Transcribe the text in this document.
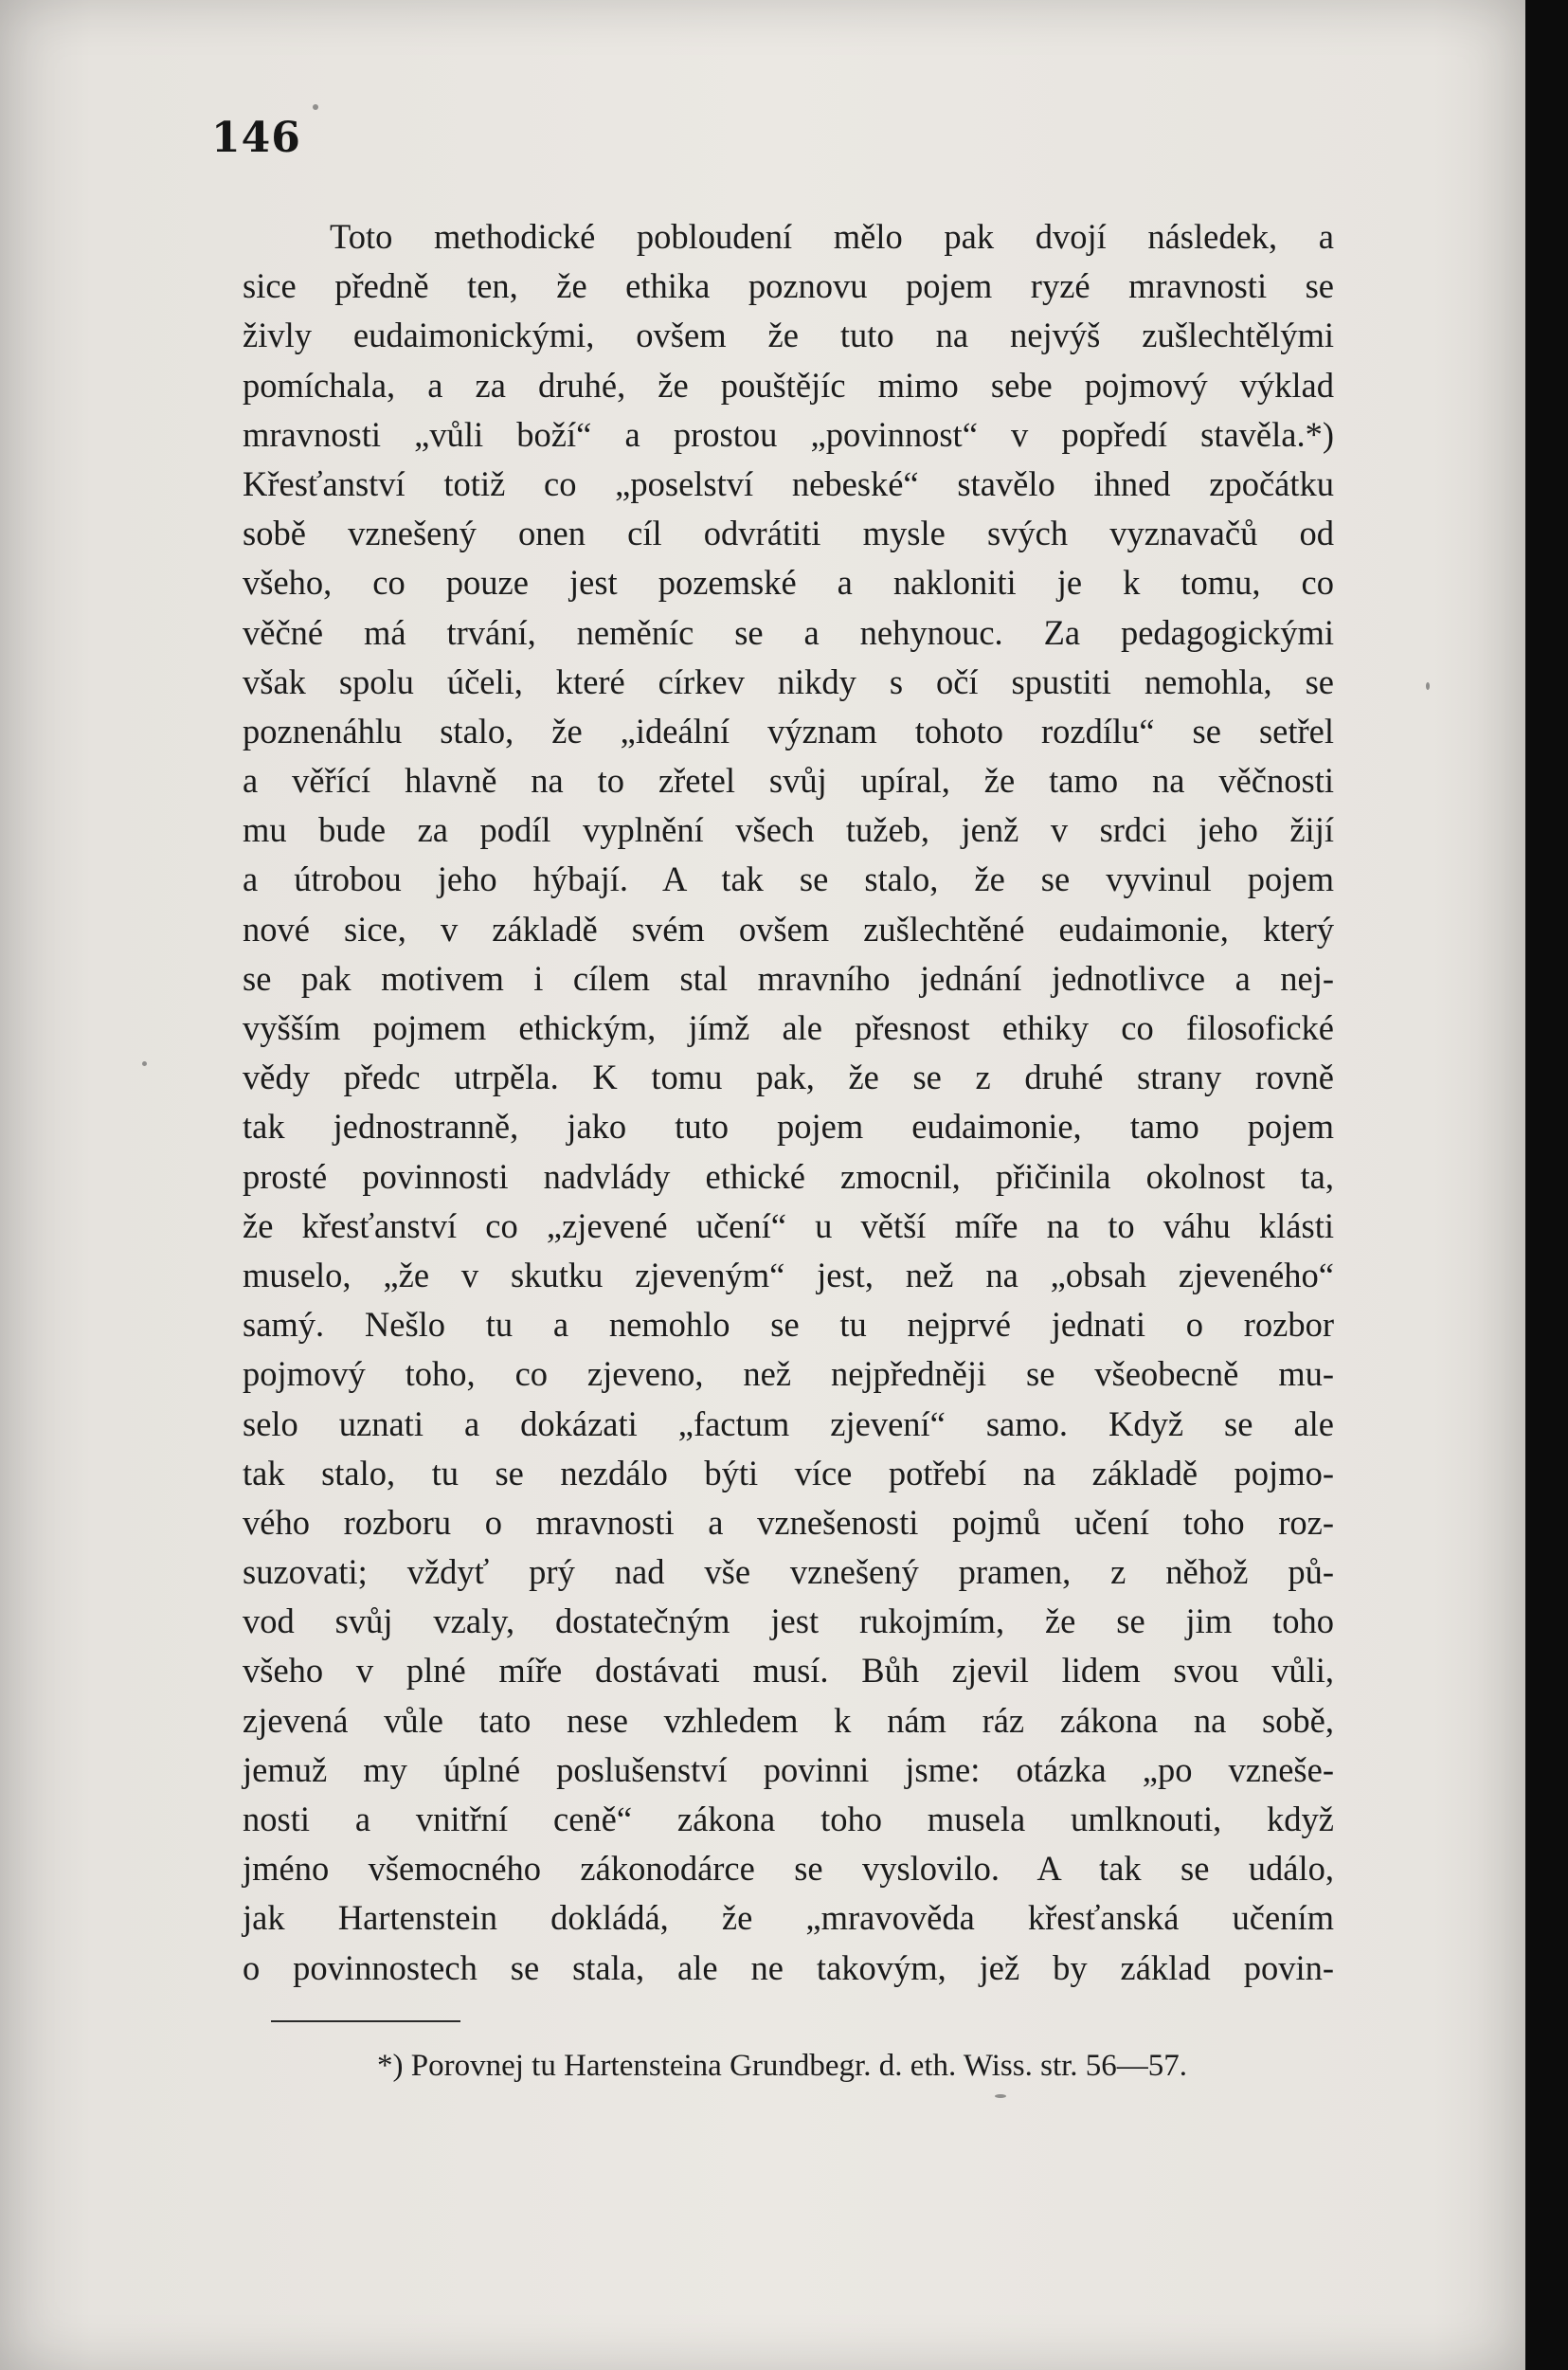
146
Toto methodické pobloudení mělo pak dvojí následek, a
sice předně ten, že ethika poznovu pojem ryzé mravnosti se
živly eudaimonickými, ovšem že tuto na nejvýš zušlechtělými
pomíchala, a za druhé, že pouštějíc mimo sebe pojmový výklad
mravnosti „vůli boží“ a prostou „povinnost“ v popředí stavěla.*)
Křesťanství totiž co „poselství nebeské“ stavělo ihned zpočátku
sobě vznešený onen cíl odvrátiti mysle svých vyznavačů od
všeho, co pouze jest pozemské a nakloniti je k tomu, co
věčné má trvání, neměníc se a nehynouc. Za pedagogickými
však spolu účeli, které církev nikdy s očí spustiti nemohla, se
poznenáhlu stalo, že „ideální význam tohoto rozdílu“ se setřel
a věřící hlavně na to zřetel svůj upíral, že tamo na věčnosti
mu bude za podíl vyplnění všech tužeb, jenž v srdci jeho žijí
a útrobou jeho hýbají. A tak se stalo, že se vyvinul pojem
nové sice, v základě svém ovšem zušlechtěné eudaimonie, který
se pak motivem i cílem stal mravního jednání jednotlivce a nej-
vyšším pojmem ethickým, jímž ale přesnost ethiky co filosofické
vědy předc utrpěla. K tomu pak, že se z druhé strany rovně
tak jednostranně, jako tuto pojem eudaimonie, tamo pojem
prosté povinnosti nadvlády ethické zmocnil, přičinila okolnost ta,
že křesťanství co „zjevené učení“ u větší míře na to váhu klásti
muselo, „že v skutku zjeveným“ jest, než na „obsah zjeveného“
samý. Nešlo tu a nemohlo se tu nejprvé jednati o rozbor
pojmový toho, co zjeveno, než nejpředněji se všeobecně mu-
selo uznati a dokázati „factum zjevení“ samo. Když se ale
tak stalo, tu se nezdálo býti více potřebí na základě pojmo-
vého rozboru o mravnosti a vznešenosti pojmů učení toho roz-
suzovati; vždyť prý nad vše vznešený pramen, z něhož pů-
vod svůj vzaly, dostatečným jest rukojmím, že se jim toho
všeho v plné míře dostávati musí. Bůh zjevil lidem svou vůli,
zjevená vůle tato nese vzhledem k nám ráz zákona na sobě,
jemuž my úplné poslušenství povinni jsme: otázka „po vzneše-
nosti a vnitřní ceně“ zákona toho musela umlknouti, když
jméno všemocného zákonodárce se vyslovilo. A tak se událo,
jak Hartenstein dokládá, že „mravověda křesťanská učením
o povinnostech se stala, ale ne takovým, jež by základ povin-
*) Porovnej tu Hartensteina Grundbegr. d. eth. Wiss. str. 56—57.
